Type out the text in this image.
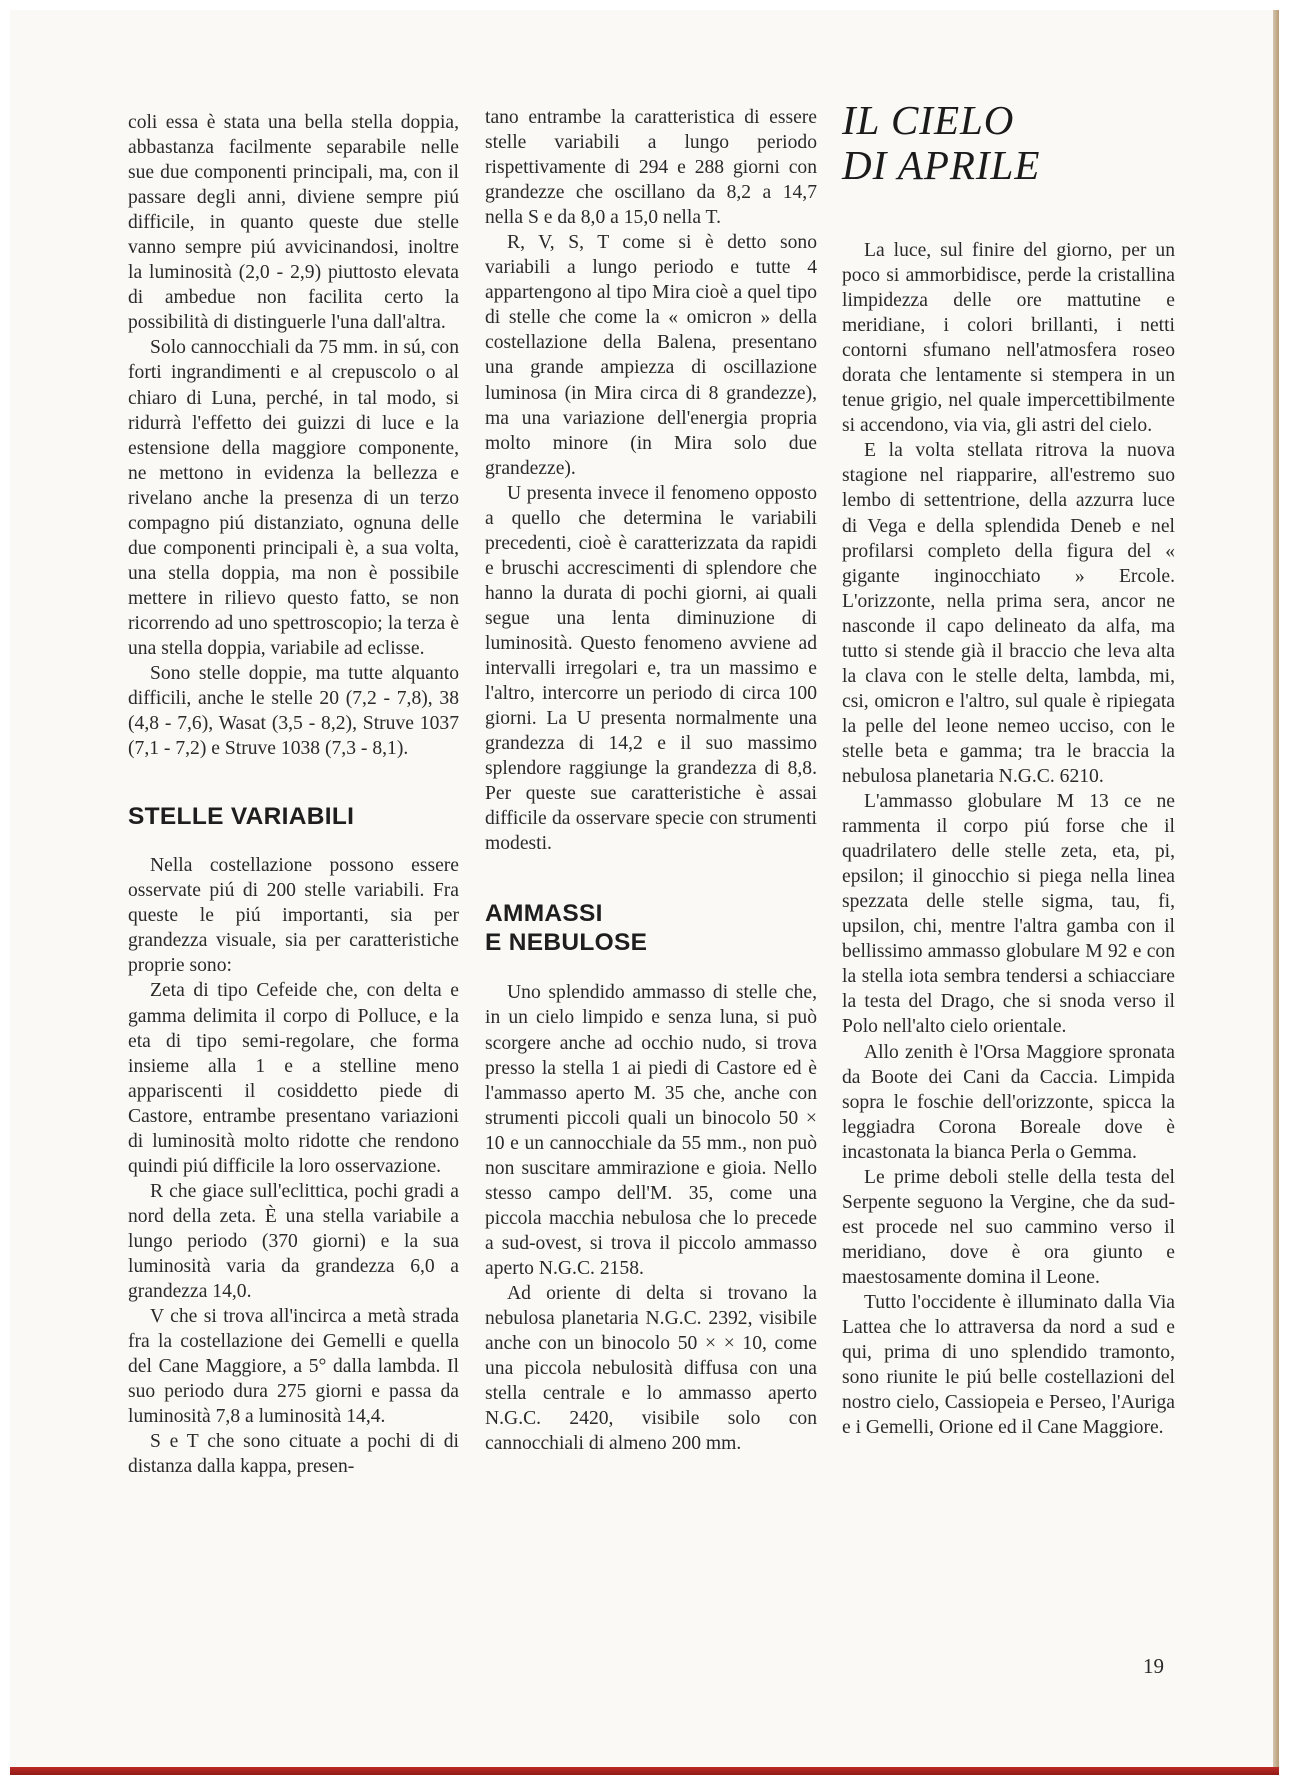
coli essa è stata una bella stella doppia, abbastanza facilmente separabile nelle sue due componenti principali, ma, con il passare degli anni, diviene sempre piú difficile, in quanto queste due stelle vanno sempre piú avvicinandosi, inoltre la luminosità (2,0 - 2,9) piuttosto elevata di ambedue non facilita certo la possibilità di distinguerle l'una dall'altra.

Solo cannocchiali da 75 mm. in sú, con forti ingrandimenti e al crepuscolo o al chiaro di Luna, perché, in tal modo, si ridurrà l'effetto dei guizzi di luce e la estensione della maggiore componente, ne mettono in evidenza la bellezza e rivelano anche la presenza di un terzo compagno piú distanziato, ognuna delle due componenti principali è, a sua volta, una stella doppia, ma non è possibile mettere in rilievo questo fatto, se non ricorrendo ad uno spettroscopio; la terza è una stella doppia, variabile ad eclisse.

Sono stelle doppie, ma tutte alquanto difficili, anche le stelle 20 (7,2 - 7,8), 38 (4,8 - 7,6), Wasat (3,5 - 8,2), Struve 1037 (7,1 - 7,2) e Struve 1038 (7,3 - 8,1).

STELLE VARIABILI

Nella costellazione possono essere osservate piú di 200 stelle variabili. Fra queste le piú importanti, sia per grandezza visuale, sia per caratteristiche proprie sono:

Zeta di tipo Cefeide che, con delta e gamma delimita il corpo di Polluce, e la eta di tipo semi-regolare, che forma insieme alla 1 e a stelline meno appariscenti il cosiddetto piede di Castore, entrambe presentano variazioni di luminosità molto ridotte che rendono quindi piú difficile la loro osservazione.

R che giace sull'eclittica, pochi gradi a nord della zeta. È una stella variabile a lungo periodo (370 giorni) e la sua luminosità varia da grandezza 6,0 a grandezza 14,0.

V che si trova all'incirca a metà strada fra la costellazione dei Gemelli e quella del Cane Maggiore, a 5° dalla lambda. Il suo periodo dura 275 giorni e passa da luminosità 7,8 a luminosità 14,4.

S e T che sono cituate a pochi di di distanza dalla kappa, presen-

tano entrambe la caratteristica di essere stelle variabili a lungo periodo rispettivamente di 294 e 288 giorni con grandezze che oscillano da 8,2 a 14,7 nella S e da 8,0 a 15,0 nella T.

R, V, S, T come si è detto sono variabili a lungo periodo e tutte 4 appartengono al tipo Mira cioè a quel tipo di stelle che come la « omicron » della costellazione della Balena, presentano una grande ampiezza di oscillazione luminosa (in Mira circa di 8 grandezze), ma una variazione dell'energia propria molto minore (in Mira solo due grandezze).

U presenta invece il fenomeno opposto a quello che determina le variabili precedenti, cioè è caratterizzata da rapidi e bruschi accrescimenti di splendore che hanno la durata di pochi giorni, ai quali segue una lenta diminuzione di luminosità. Questo fenomeno avviene ad intervalli irregolari e, tra un massimo e l'altro, intercorre un periodo di circa 100 giorni. La U presenta normalmente una grandezza di 14,2 e il suo massimo splendore raggiunge la grandezza di 8,8. Per queste sue caratteristiche è assai difficile da osservare specie con strumenti modesti.

AMMASSI
E NEBULOSE

Uno splendido ammasso di stelle che, in un cielo limpido e senza luna, si può scorgere anche ad occhio nudo, si trova presso la stella 1 ai piedi di Castore ed è l'ammasso aperto M. 35 che, anche con strumenti piccoli quali un binocolo 50 × 10 e un cannocchiale da 55 mm., non può non suscitare ammirazione e gioia. Nello stesso campo dell'M. 35, come una piccola macchia nebulosa che lo precede a sud-ovest, si trova il piccolo ammasso aperto N.G.C. 2158.

Ad oriente di delta si trovano la nebulosa planetaria N.G.C. 2392, visibile anche con un binocolo 50 × × 10, come una piccola nebulosità diffusa con una stella centrale e lo ammasso aperto N.G.C. 2420, visibile solo con cannocchiali di almeno 200 mm.

IL CIELO
DI APRILE

La luce, sul finire del giorno, per un poco si ammorbidisce, perde la cristallina limpidezza delle ore mattutine e meridiane, i colori brillanti, i netti contorni sfumano nell'atmosfera roseo dorata che lentamente si stempera in un tenue grigio, nel quale impercettibilmente si accendono, via via, gli astri del cielo.

E la volta stellata ritrova la nuova stagione nel riapparire, all'estremo suo lembo di settentrione, della azzurra luce di Vega e della splendida Deneb e nel profilarsi completo della figura del « gigante inginocchiato » Ercole. L'orizzonte, nella prima sera, ancor ne nasconde il capo delineato da alfa, ma tutto si stende già il braccio che leva alta la clava con le stelle delta, lambda, mi, csi, omicron e l'altro, sul quale è ripiegata la pelle del leone nemeo ucciso, con le stelle beta e gamma; tra le braccia la nebulosa planetaria N.G.C. 6210.

L'ammasso globulare M 13 ce ne rammenta il corpo piú forse che il quadrilatero delle stelle zeta, eta, pi, epsilon; il ginocchio si piega nella linea spezzata delle stelle sigma, tau, fi, upsilon, chi, mentre l'altra gamba con il bellissimo ammasso globulare M 92 e con la stella iota sembra tendersi a schiacciare la testa del Drago, che si snoda verso il Polo nell'alto cielo orientale.

Allo zenith è l'Orsa Maggiore spronata da Boote dei Cani da Caccia. Limpida sopra le foschie dell'orizzonte, spicca la leggiadra Corona Boreale dove è incastonata la bianca Perla o Gemma.

Le prime deboli stelle della testa del Serpente seguono la Vergine, che da sud-est procede nel suo cammino verso il meridiano, dove è ora giunto e maestosamente domina il Leone.

Tutto l'occidente è illuminato dalla Via Lattea che lo attraversa da nord a sud e qui, prima di uno splendido tramonto, sono riunite le piú belle costellazioni del nostro cielo, Cassiopeia e Perseo, l'Auriga e i Gemelli, Orione ed il Cane Maggiore.

19
